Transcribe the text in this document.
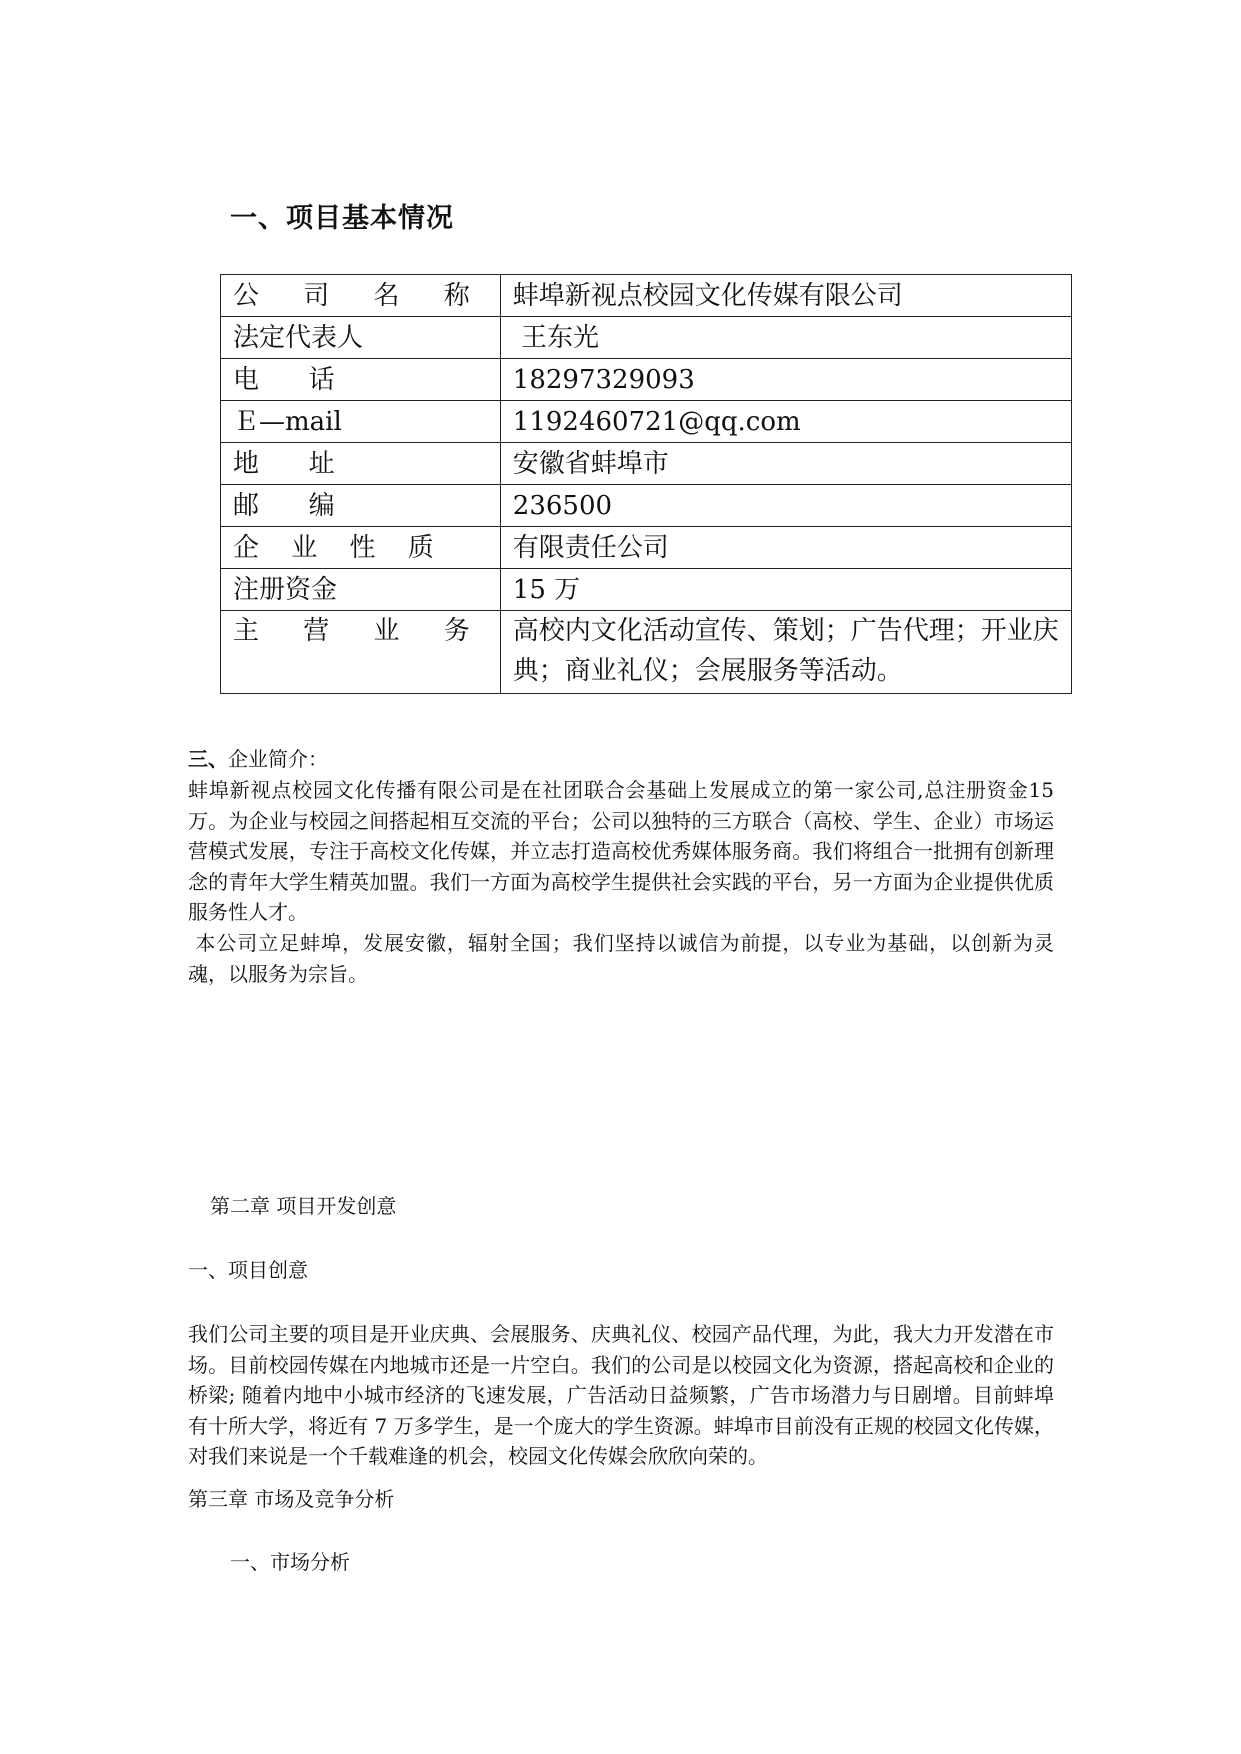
一、项目基本情况
公 司 名 称	蚌埠新视点校园文化传媒有限公司
法定代表人	王东光
电      话	18297329093
Ｅ—mail	1192460721@qq.com
地      址	安徽省蚌埠市
邮      编	236500
企 业 性 质	有限责任公司
注册资金	15 万
主 营 业 务	高校内文化活动宣传、策划；广告代理；开业庆典；商业礼仪；会展服务等活动。
三、企业简介：
蚌埠新视点校园文化传播有限公司是在社团联合会基础上发展成立的第一家公司,总注册资金15万。为企业与校园之间搭起相互交流的平台；公司以独特的三方联合（高校、学生、企业）市场运营模式发展，专注于高校文化传媒，并立志打造高校优秀媒体服务商。我们将组合一批拥有创新理念的青年大学生精英加盟。我们一方面为高校学生提供社会实践的平台，另一方面为企业提供优质服务性人才。
本公司立足蚌埠，发展安徽，辐射全国；我们坚持以诚信为前提，以专业为基础，以创新为灵魂，以服务为宗旨。
第二章 项目开发创意
一、项目创意
我们公司主要的项目是开业庆典、会展服务、庆典礼仪、校园产品代理，为此，我大力开发潜在市场。目前校园传媒在内地城市还是一片空白。我们的公司是以校园文化为资源，搭起高校和企业的桥梁; 随着内地中小城市经济的飞速发展，广告活动日益频繁，广告市场潜力与日剧增。目前蚌埠有十所大学，将近有 7 万多学生，是一个庞大的学生资源。蚌埠市目前没有正规的校园文化传媒，对我们来说是一个千载难逢的机会，校园文化传媒会欣欣向荣的。
第三章 市场及竞争分析
一、市场分析
